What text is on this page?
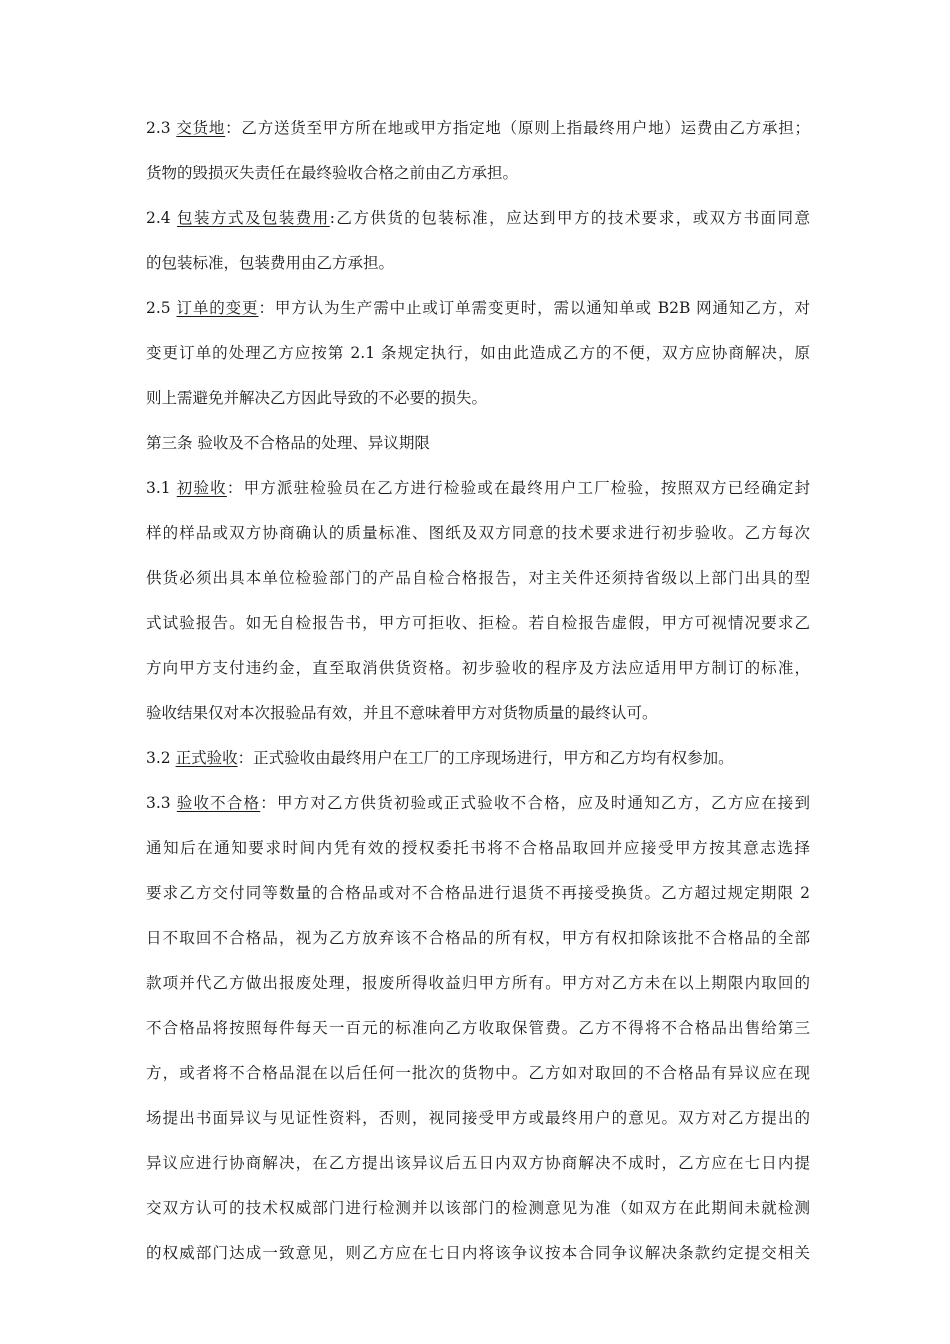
2.3 交货地：乙方送货至甲方所在地或甲方指定地（原则上指最终用户地）运费由乙方承担；
货物的毁损灭失责任在最终验收合格之前由乙方承担。
2.4 包装方式及包装费用:乙方供货的包装标准，应达到甲方的技术要求，或双方书面同意
的包装标准，包装费用由乙方承担。
2.5 订单的变更：甲方认为生产需中止或订单需变更时，需以通知单或 B2B 网通知乙方，对
变更订单的处理乙方应按第 2.1 条规定执行，如由此造成乙方的不便，双方应协商解决，原
则上需避免并解决乙方因此导致的不必要的损失。
第三条 验收及不合格品的处理、异议期限
3.1 初验收：甲方派驻检验员在乙方进行检验或在最终用户工厂检验，按照双方已经确定封
样的样品或双方协商确认的质量标准、图纸及双方同意的技术要求进行初步验收。乙方每次
供货必须出具本单位检验部门的产品自检合格报告，对主关件还须持省级以上部门出具的型
式试验报告。如无自检报告书，甲方可拒收、拒检。若自检报告虚假，甲方可视情况要求乙
方向甲方支付违约金，直至取消供货资格。初步验收的程序及方法应适用甲方制订的标准，
验收结果仅对本次报验品有效，并且不意味着甲方对货物质量的最终认可。
3.2 正式验收：正式验收由最终用户在工厂的工序现场进行，甲方和乙方均有权参加。
3.3 验收不合格：甲方对乙方供货初验或正式验收不合格，应及时通知乙方，乙方应在接到
通知后在通知要求时间内凭有效的授权委托书将不合格品取回并应接受甲方按其意志选择
要求乙方交付同等数量的合格品或对不合格品进行退货不再接受换货。乙方超过规定期限 2
日不取回不合格品，视为乙方放弃该不合格品的所有权，甲方有权扣除该批不合格品的全部
款项并代乙方做出报废处理，报废所得收益归甲方所有。甲方对乙方未在以上期限内取回的
不合格品将按照每件每天一百元的标准向乙方收取保管费。乙方不得将不合格品出售给第三
方，或者将不合格品混在以后任何一批次的货物中。乙方如对取回的不合格品有异议应在现
场提出书面异议与见证性资料，否则，视同接受甲方或最终用户的意见。双方对乙方提出的
异议应进行协商解决，在乙方提出该异议后五日内双方协商解决不成时，乙方应在七日内提
交双方认可的技术权威部门进行检测并以该部门的检测意见为准（如双方在此期间未就检测
的权威部门达成一致意见，则乙方应在七日内将该争议按本合同争议解决条款约定提交相关
